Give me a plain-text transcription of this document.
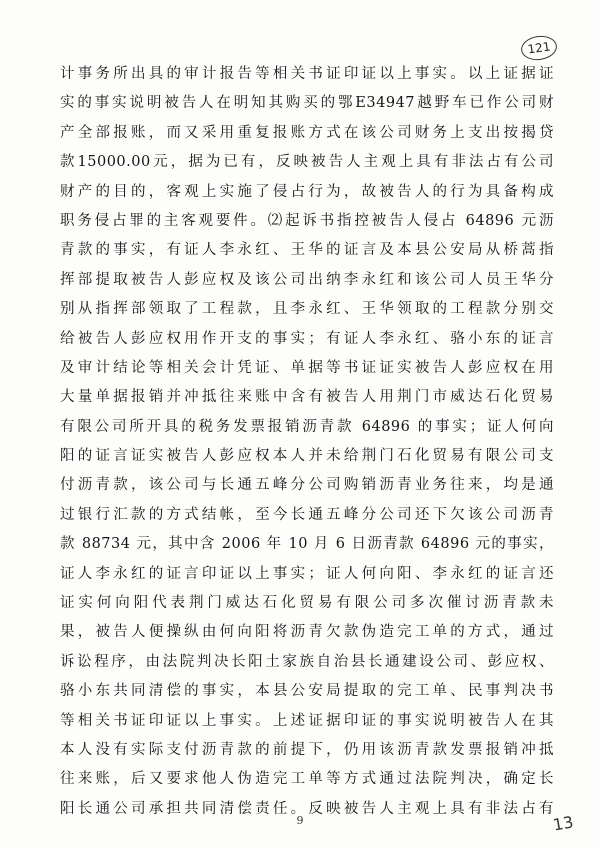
121
计事务所出具的审计报告等相关书证印证以上事实。以上证据证
实的事实说明被告人在明知其购买的鄂E34947越野车已作公司财
产全部报账，而又采用重复报账方式在该公司财务上支出按揭贷
款15000.00元，据为已有，反映被告人主观上具有非法占有公司
财产的目的，客观上实施了侵占行为，故被告人的行为具备构成
职务侵占罪的主客观要件。⑵起诉书指控被告人侵占 64896 元沥
青款的事实，有证人李永红、王华的证言及本县公安局从桥蒿指
挥部提取被告人彭应权及该公司出纳李永红和该公司人员王华分
别从指挥部领取了工程款，且李永红、王华领取的工程款分别交
给被告人彭应权用作开支的事实；有证人李永红、骆小东的证言
及审计结论等相关会计凭证、单据等书证证实被告人彭应权在用
大量单据报销并冲抵往来账中含有被告人用荆门市威达石化贸易
有限公司所开具的税务发票报销沥青款 64896 的事实；证人何向
阳的证言证实被告人彭应权本人并未给荆门石化贸易有限公司支
付沥青款，该公司与长通五峰分公司购销沥青业务往来，均是通
过银行汇款的方式结帐，至今长通五峰分公司还下欠该公司沥青
款 88734 元，其中含 2006 年 10 月 6 日沥青款 64896 元的事实，
证人李永红的证言印证以上事实；证人何向阳、李永红的证言还
证实何向阳代表荆门威达石化贸易有限公司多次催讨沥青款未
果，被告人便操纵由何向阳将沥青欠款伪造完工单的方式，通过
诉讼程序，由法院判决长阳土家族自治县长通建设公司、彭应权、
骆小东共同清偿的事实，本县公安局提取的完工单、民事判决书
等相关书证印证以上事实。上述证据印证的事实说明被告人在其
本人没有实际支付沥青款的前提下，仍用该沥青款发票报销冲抵
往来账，后又要求他人伪造完工单等方式通过法院判决，确定长
阳长通公司承担共同清偿责任。反映被告人主观上具有非法占有
9	13
